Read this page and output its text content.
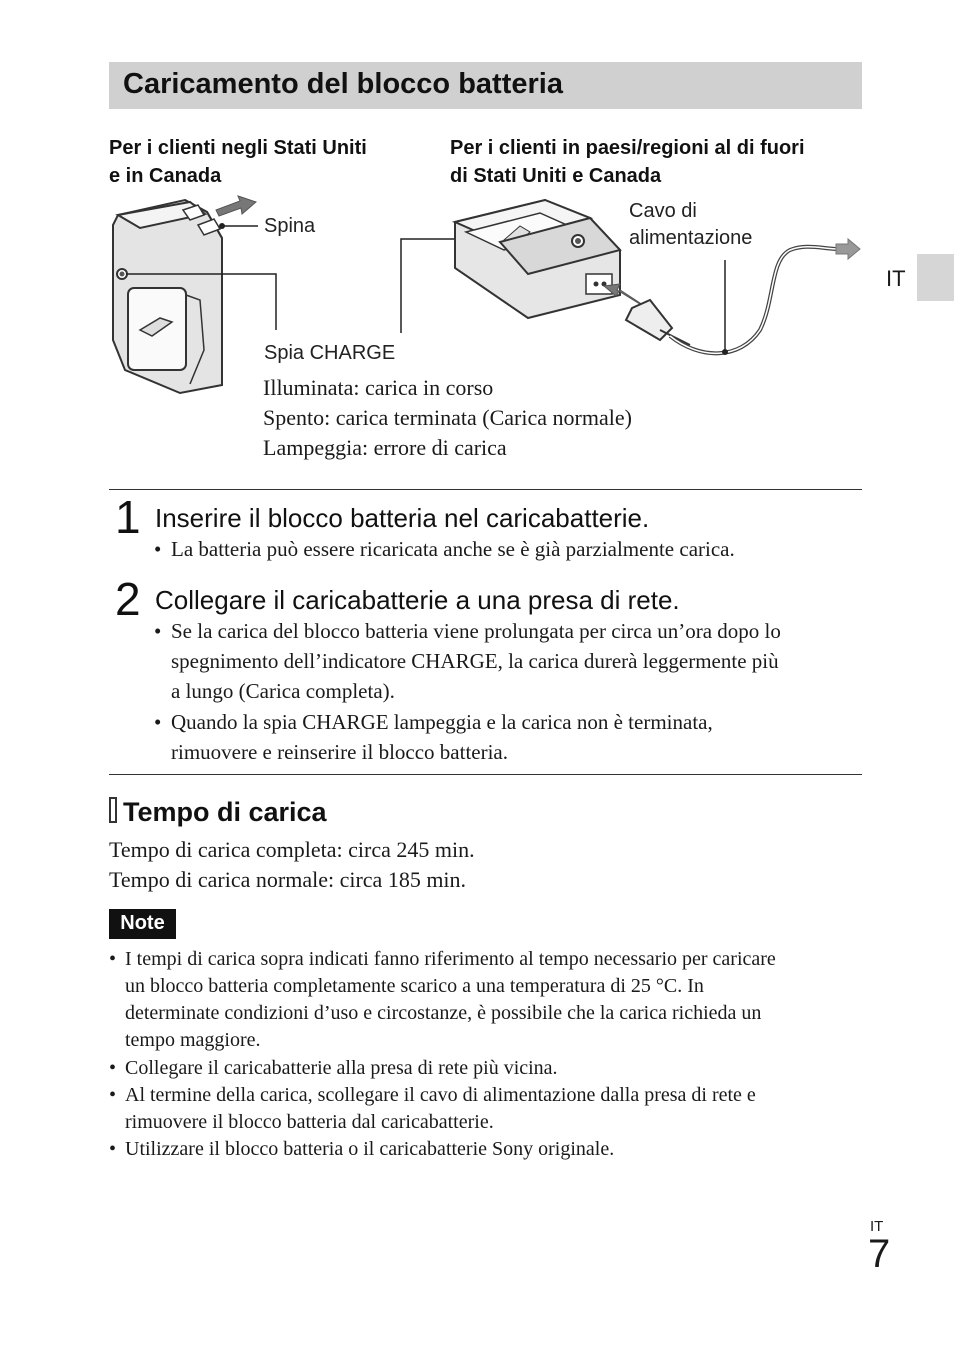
Caricamento del blocco batteria
Per i clienti negli Stati Uniti
e in Canada
Per i clienti in paesi/regioni al di fuori
di Stati Uniti e Canada
Spina
Cavo di
alimentazione
Spia CHARGE
Illuminata: carica in corso
Spento: carica terminata (Carica normale)
Lampeggia: errore di carica
IT
1 Inserire il blocco batteria nel caricabatterie.
• La batteria può essere ricaricata anche se è già parzialmente carica.
2 Collegare il caricabatterie a una presa di rete.
• Se la carica del blocco batteria viene prolungata per circa un’ora dopo lo
spegnimento dell’indicatore CHARGE, la carica durerà leggermente più
a lungo (Carica completa).
• Quando la spia CHARGE lampeggia e la carica non è terminata,
rimuovere e reinserire il blocco batteria.
Tempo di carica
Tempo di carica completa: circa 245 min.
Tempo di carica normale: circa 185 min.
Note
• I tempi di carica sopra indicati fanno riferimento al tempo necessario per caricare
un blocco batteria completamente scarico a una temperatura di 25 °C. In
determinate condizioni d’uso e circostanze, è possibile che la carica richieda un
tempo maggiore.
• Collegare il caricabatterie alla presa di rete più vicina.
• Al termine della carica, scollegare il cavo di alimentazione dalla presa di rete e
rimuovere il blocco batteria dal caricabatterie.
• Utilizzare il blocco batteria o il caricabatterie Sony originale.
IT
7
